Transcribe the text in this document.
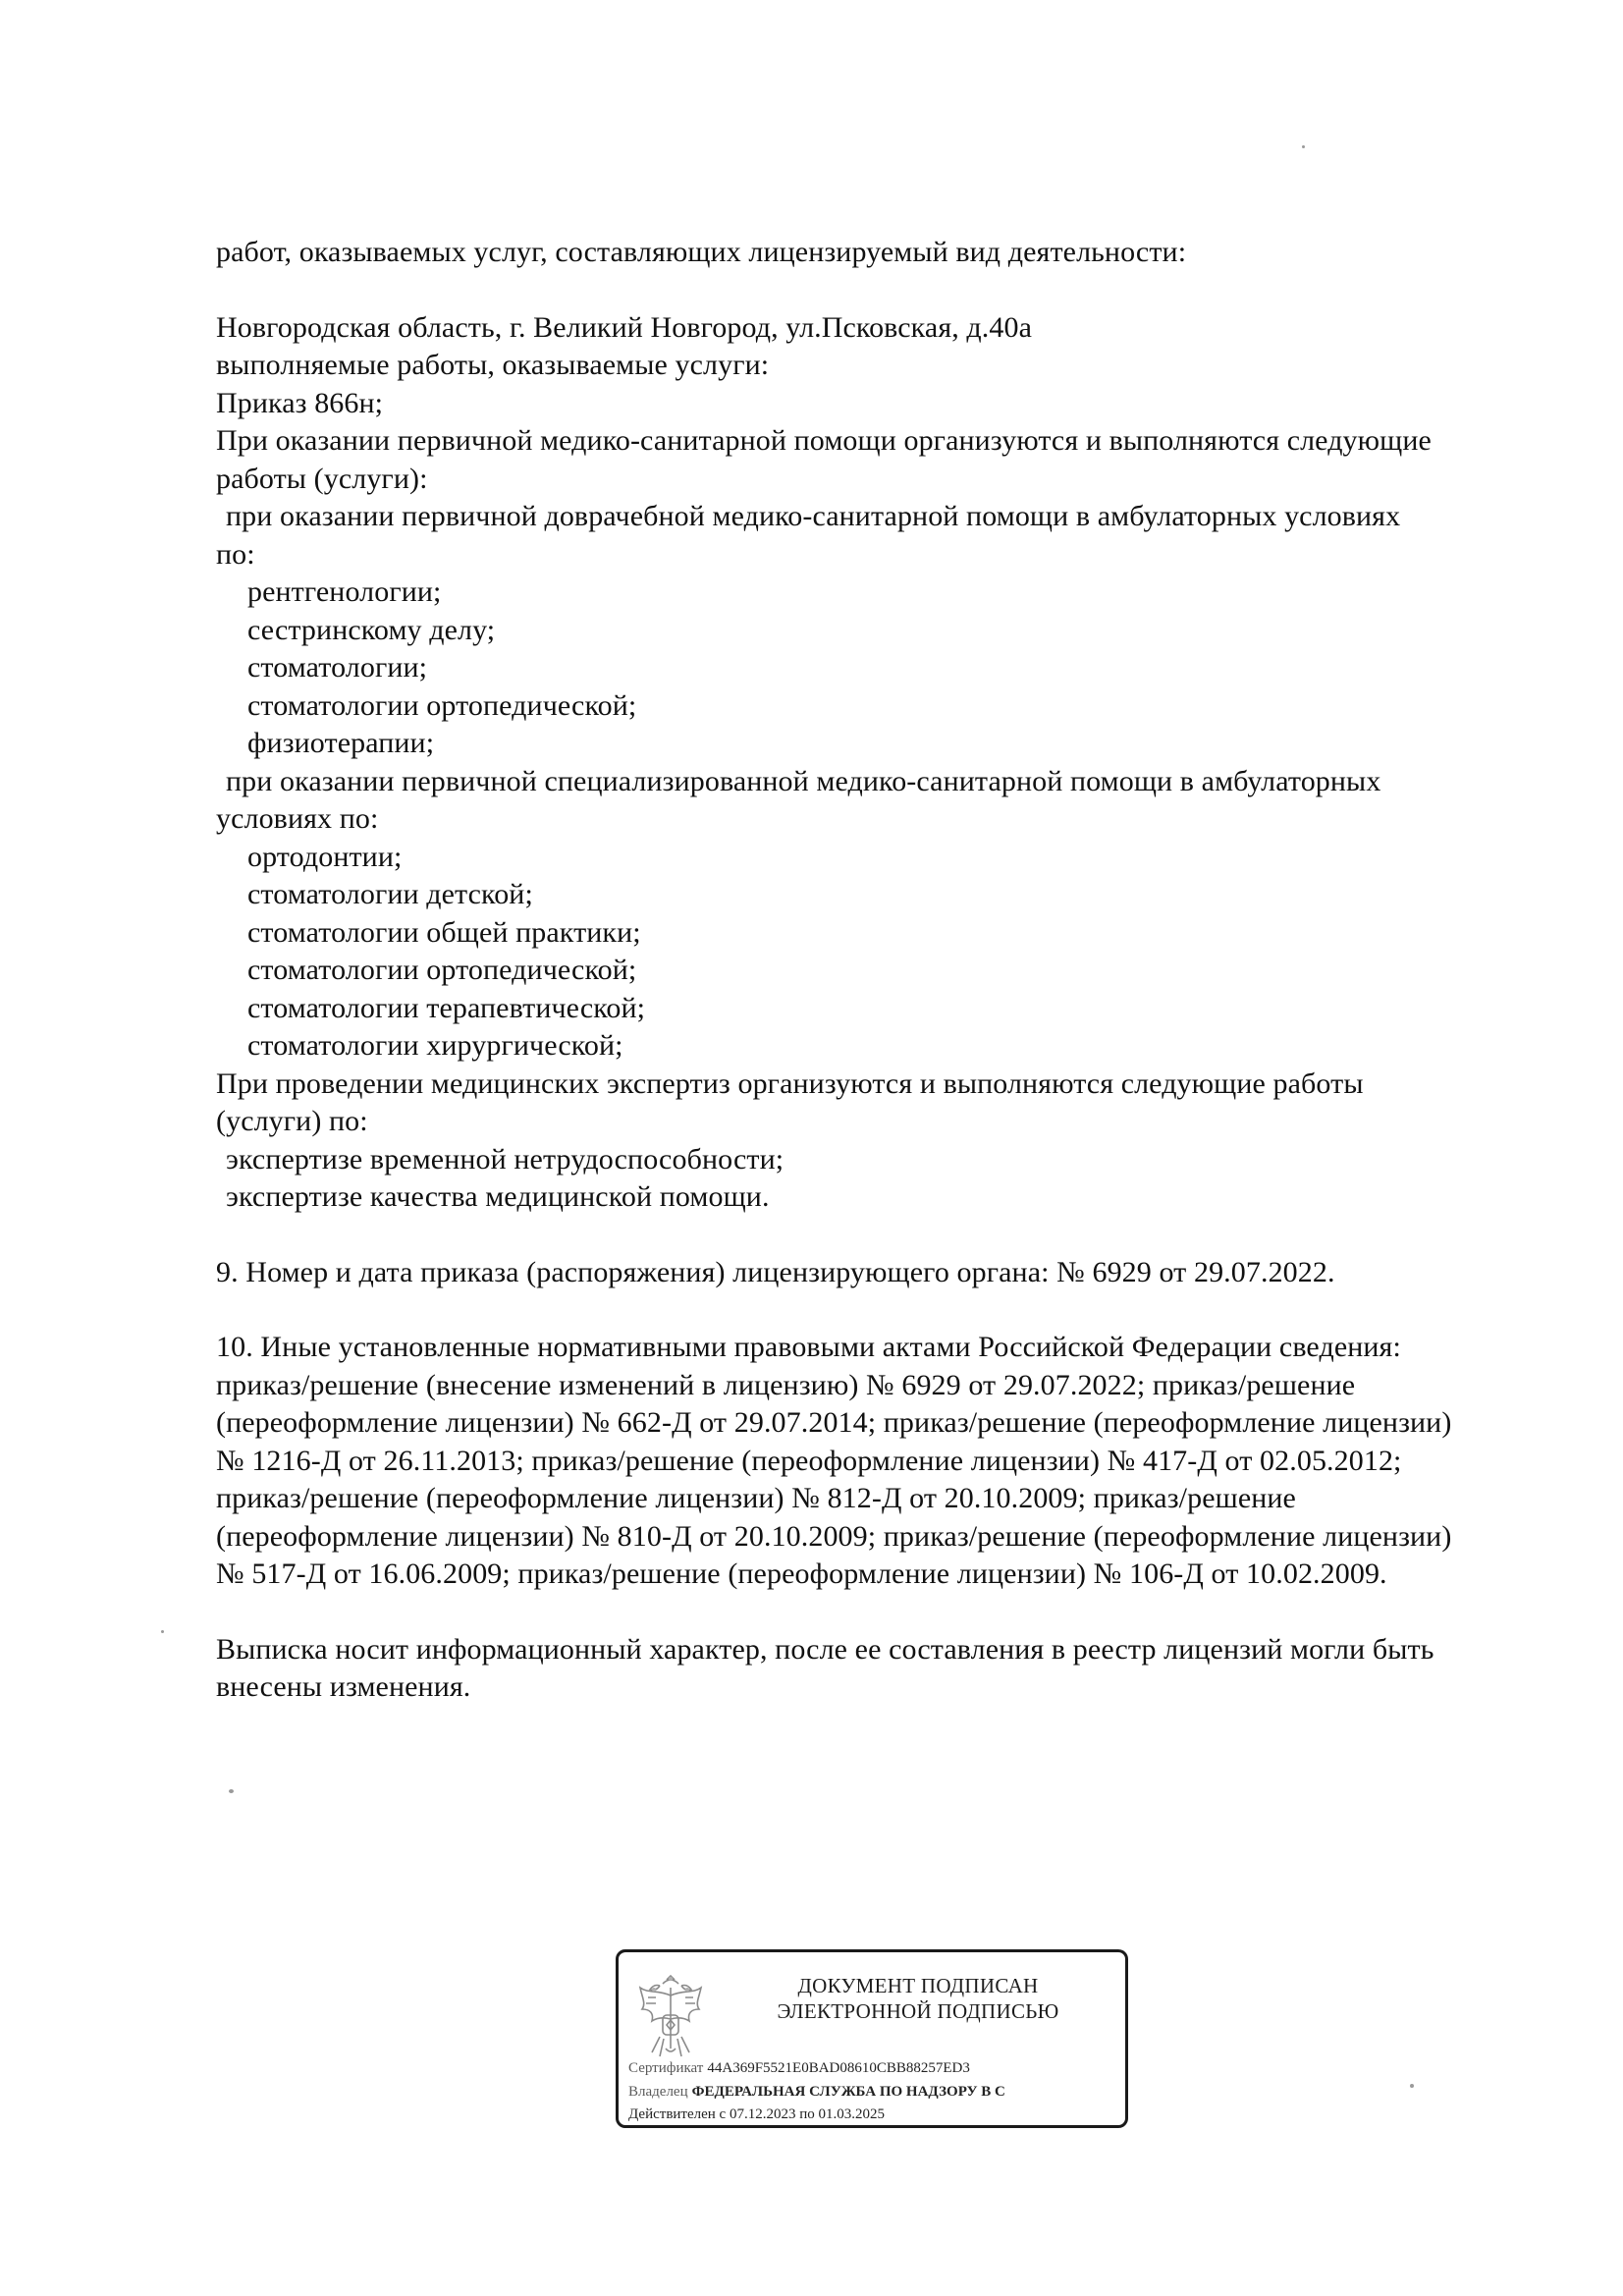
работ, оказываемых услуг, составляющих лицензируемый вид деятельности:
Новгородская область, г. Великий Новгород, ул.Псковская, д.40а
выполняемые работы, оказываемые услуги:
Приказ 866н;
При оказании первичной медико-санитарной помощи организуются и выполняются следующие
работы (услуги):
при оказании первичной доврачебной медико-санитарной помощи в амбулаторных условиях
по:
рентгенологии;
сестринскому делу;
стоматологии;
стоматологии ортопедической;
физиотерапии;
при оказании первичной специализированной медико-санитарной помощи в амбулаторных
условиях по:
ортодонтии;
стоматологии детской;
стоматологии общей практики;
стоматологии ортопедической;
стоматологии терапевтической;
стоматологии хирургической;
При проведении медицинских экспертиз организуются и выполняются следующие работы
(услуги) по:
экспертизе временной нетрудоспособности;
экспертизе качества медицинской помощи.
9. Номер и дата приказа (распоряжения) лицензирующего органа: № 6929 от 29.07.2022.
10. Иные установленные нормативными правовыми актами Российской Федерации сведения:
приказ/решение (внесение изменений в лицензию) № 6929 от 29.07.2022; приказ/решение
(переоформление лицензии) № 662-Д от 29.07.2014; приказ/решение (переоформление лицензии)
№ 1216-Д от 26.11.2013; приказ/решение (переоформление лицензии) № 417-Д от 02.05.2012;
приказ/решение (переоформление лицензии) № 812-Д от 20.10.2009; приказ/решение
(переоформление лицензии) № 810-Д от 20.10.2009; приказ/решение (переоформление лицензии)
№ 517-Д от 16.06.2009; приказ/решение (переоформление лицензии) № 106-Д от 10.02.2009.
Выписка носит информационный характер, после ее составления в реестр лицензий могли быть
внесены изменения.
ДОКУМЕНТ ПОДПИСАН
ЭЛЕКТРОННОЙ ПОДПИСЬЮ
Сертификат 44A369F5521E0BAD08610CBB88257ED3
Владелец ФЕДЕРАЛЬНАЯ СЛУЖБА ПО НАДЗОРУ В С
Действителен с 07.12.2023 по 01.03.2025
